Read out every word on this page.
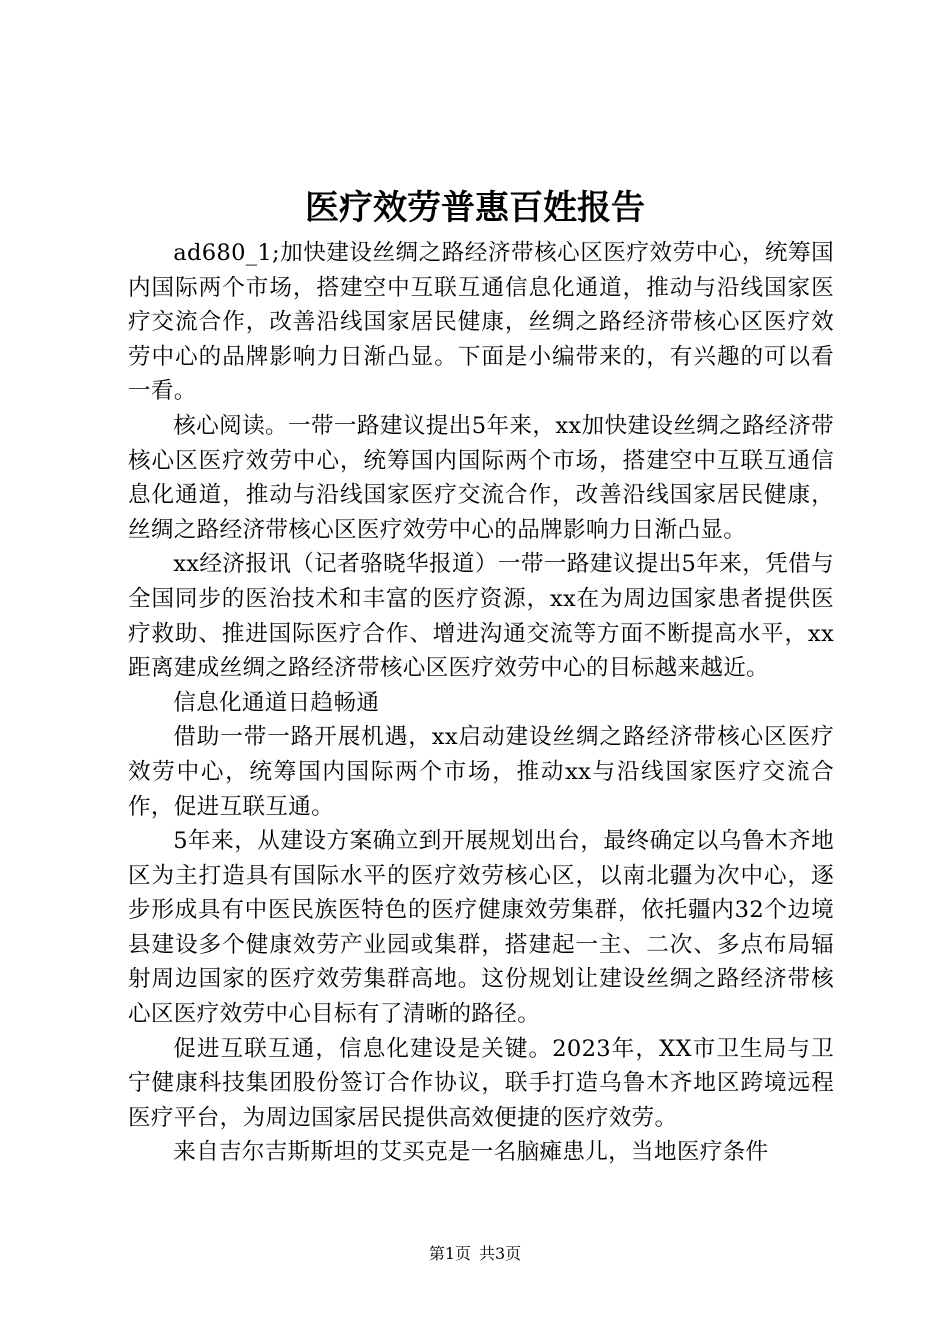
医疗效劳普惠百姓报告

ad680_1;加快建设丝绸之路经济带核心区医疗效劳中心，统筹国内国际两个市场，搭建空中互联互通信息化通道，推动与沿线国家医疗交流合作，改善沿线国家居民健康，丝绸之路经济带核心区医疗效劳中心的品牌影响力日渐凸显。下面是小编带来的，有兴趣的可以看一看。

核心阅读。一带一路建议提出5年来，xx加快建设丝绸之路经济带核心区医疗效劳中心，统筹国内国际两个市场，搭建空中互联互通信息化通道，推动与沿线国家医疗交流合作，改善沿线国家居民健康，丝绸之路经济带核心区医疗效劳中心的品牌影响力日渐凸显。

xx经济报讯（记者骆晓华报道）一带一路建议提出5年来，凭借与全国同步的医治技术和丰富的医疗资源，xx在为周边国家患者提供医疗救助、推进国际医疗合作、增进沟通交流等方面不断提高水平，xx距离建成丝绸之路经济带核心区医疗效劳中心的目标越来越近。

信息化通道日趋畅通

借助一带一路开展机遇，xx启动建设丝绸之路经济带核心区医疗效劳中心，统筹国内国际两个市场，推动xx与沿线国家医疗交流合作，促进互联互通。

5年来，从建设方案确立到开展规划出台，最终确定以乌鲁木齐地区为主打造具有国际水平的医疗效劳核心区，以南北疆为次中心，逐步形成具有中医民族医特色的医疗健康效劳集群，依托疆内32个边境县建设多个健康效劳产业园或集群，搭建起一主、二次、多点布局辐射周边国家的医疗效劳集群高地。这份规划让建设丝绸之路经济带核心区医疗效劳中心目标有了清晰的路径。

促进互联互通，信息化建设是关键。2023年，XX市卫生局与卫宁健康科技集团股份签订合作协议，联手打造乌鲁木齐地区跨境远程医疗平台，为周边国家居民提供高效便捷的医疗效劳。

来自吉尔吉斯斯坦的艾买克是一名脑瘫患儿，当地医疗条件

第1页 共3页
